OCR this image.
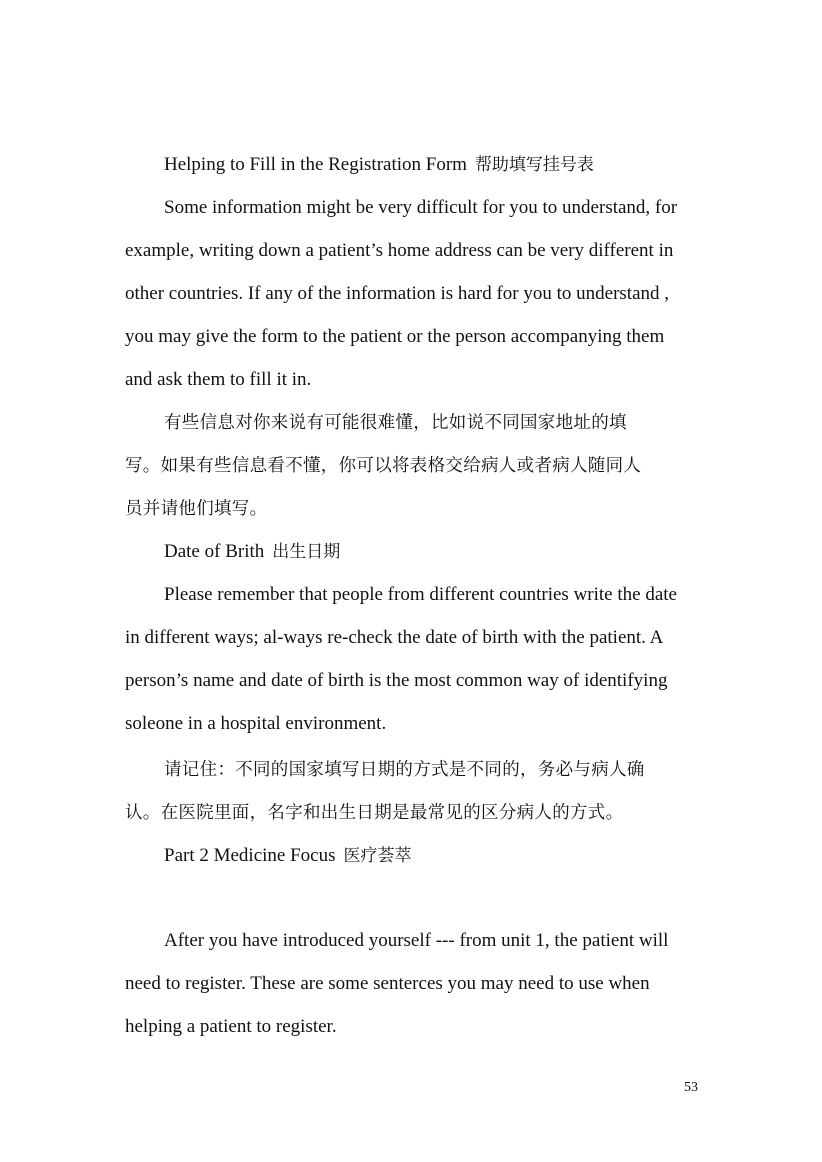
Helping to Fill in the Registration Form 帮助填写挂号表
Some information might be very difficult for you to understand, for
example, writing down a patient’s home address can be very different in
other countries. If any of the information is hard for you to understand ,
you may give the form to the patient or the person accompanying them
and ask them to fill it in.
有些信息对你来说有可能很难懂，比如说不同国家地址的填
写。如果有些信息看不懂，你可以将表格交给病人或者病人随同人
员并请他们填写。
Date of Brith 出生日期
Please remember that people from different countries write the date
in different ways; al-ways re-check the date of birth with the patient. A
person’s name and date of birth is the most common way of identifying
soleone in a hospital environment.
请记住：不同的国家填写日期的方式是不同的，务必与病人确
认。在医院里面，名字和出生日期是最常见的区分病人的方式。
Part 2 Medicine Focus 医疗荟萃
After you have introduced yourself --- from unit 1, the patient will
need to register. These are some senterces you may need to use when
helping a patient to register.
53
